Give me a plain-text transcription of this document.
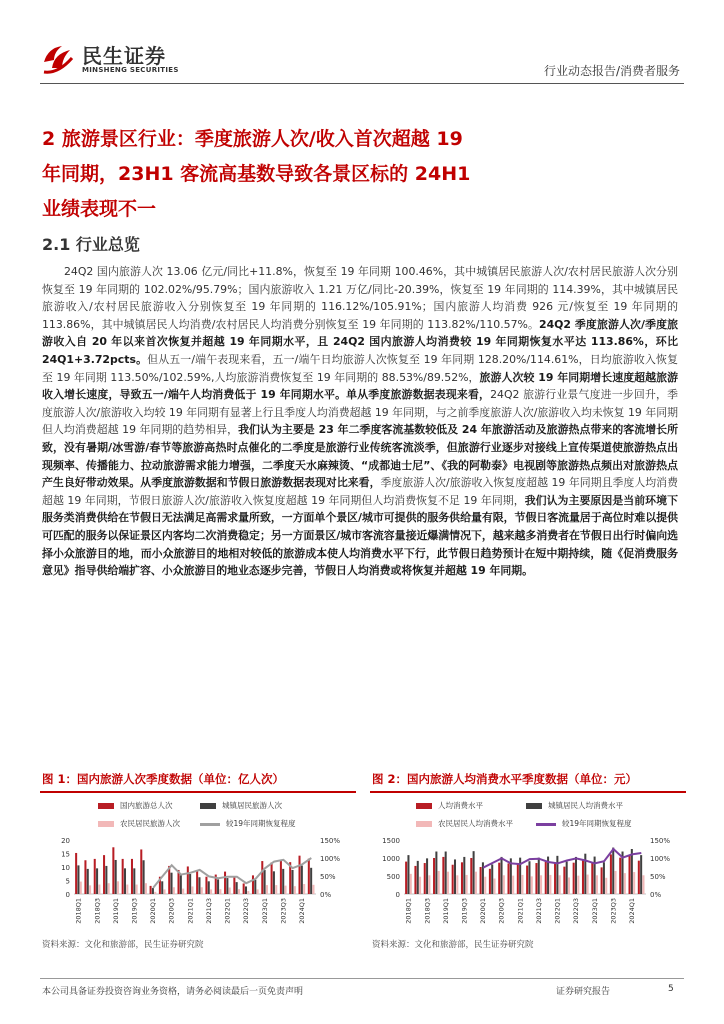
民生证券
MINSHENG SECURITIES	行业动态报告/消费者服务
2 旅游景区行业：季度旅游人次/收入首次超越 19
年同期，23H1 客流高基数导致各景区标的 24H1
业绩表现不一
2.1 行业总览
24Q2 国内旅游人次 13.06 亿元/同比+11.8%，恢复至 19 年同期 100.46%，其中城镇居民旅游人次/农村居民旅游人次分别恢复至 19 年同期的 102.02%/95.79%；国内旅游收入 1.21 万亿/同比-20.39%，恢复至 19 年同期的 114.39%，其中城镇居民旅游收入/农村居民旅游收入分别恢复至 19 年同期的 116.12%/105.91%；国内旅游人均消费 926 元/恢复至 19 年同期的 113.86%，其中城镇居民人均消费/农村居民人均消费分别恢复至 19 年同期的 113.82%/110.57%。24Q2 季度旅游人次/季度旅游收入自 20 年以来首次恢复并超越 19 年同期水平，且 24Q2 国内旅游人均消费较 19 年同期恢复水平达 113.86%，环比 24Q1+3.72pcts。但从五一/端午表现来看，五一/端午日均旅游人次恢复至 19 年同期 128.20%/114.61%，日均旅游收入恢复至 19 年同期 113.50%/102.59%,人均旅游消费恢复至 19 年同期的 88.53%/89.52%，旅游人次较 19 年同期增长速度超越旅游收入增长速度，导致五一/端午人均消费低于 19 年同期水平。单从季度旅游数据表现来看，24Q2 旅游行业景气度进一步回升，季度旅游人次/旅游收入均较 19 年同期有显著上行且季度人均消费超越 19 年同期，与之前季度旅游人次/旅游收入均未恢复 19 年同期但人均消费超越 19 年同期的趋势相异，我们认为主要是 23 年二季度客流基数较低及 24 年旅游活动及旅游热点带来的客流增长所致，没有暑期/冰雪游/春节等旅游高热时点催化的二季度是旅游行业传统客流淡季，但旅游行业逐步对接线上宣传渠道使旅游热点出现频率、传播能力、拉动旅游需求能力增强，二季度天水麻辣烫、“成都迪士尼”、《我的阿勒泰》电视剧等旅游热点频出对旅游热点产生良好带动效果。从季度旅游数据和节假日旅游数据表现对比来看，季度旅游人次/旅游收入恢复度超越 19 年同期且季度人均消费超越 19 年同期，节假日旅游人次/旅游收入恢复度超越 19 年同期但人均消费恢复不足 19 年同期，我们认为主要原因是当前环境下服务类消费供给在节假日无法满足高需求量所致，一方面单个景区/城市可提供的服务供给量有限，节假日客流量居于高位时难以提供可匹配的服务以保证景区内客均二次消费稳定；另一方面景区/城市客流容量接近爆满情况下，越来越多消费者在节假日出行时偏向选择小众旅游目的地，而小众旅游目的地相对较低的旅游成本使人均消费水平下行，此节假日趋势预计在短中期持续，随《促消费服务意见》指导供给端扩容、小众旅游目的地业态逐步完善，节假日人均消费或将恢复并超越 19 年同期。
图 1：国内旅游人次季度数据（单位：亿人次）
国内旅游总人次	城镇居民旅游人次
农民居民旅游人次	较19年同期恢复程度
0
5
10
15
20
0%
50%
100%
150%
2018Q1 2018Q3 2019Q1 2019Q3 2020Q1 2020Q3 2021Q1 2021Q3 2022Q1 2022Q3 2023Q1 2023Q3 2024Q1
资料来源：文化和旅游部，民生证券研究院
图 2：国内旅游人均消费水平季度数据（单位：元）
人均消费水平	城镇居民人均消费水平
农民居民人均消费水平	较19年同期恢复程度
0
500
1000
1500
0%
50%
100%
150%
2018Q1 2018Q3 2019Q1 2019Q3 2020Q1 2020Q3 2021Q1 2021Q3 2022Q1 2022Q3 2023Q1 2023Q3 2024Q1
资料来源：文化和旅游部，民生证券研究院
本公司具备证券投资咨询业务资格，请务必阅读最后一页免责声明	证券研究报告	5
